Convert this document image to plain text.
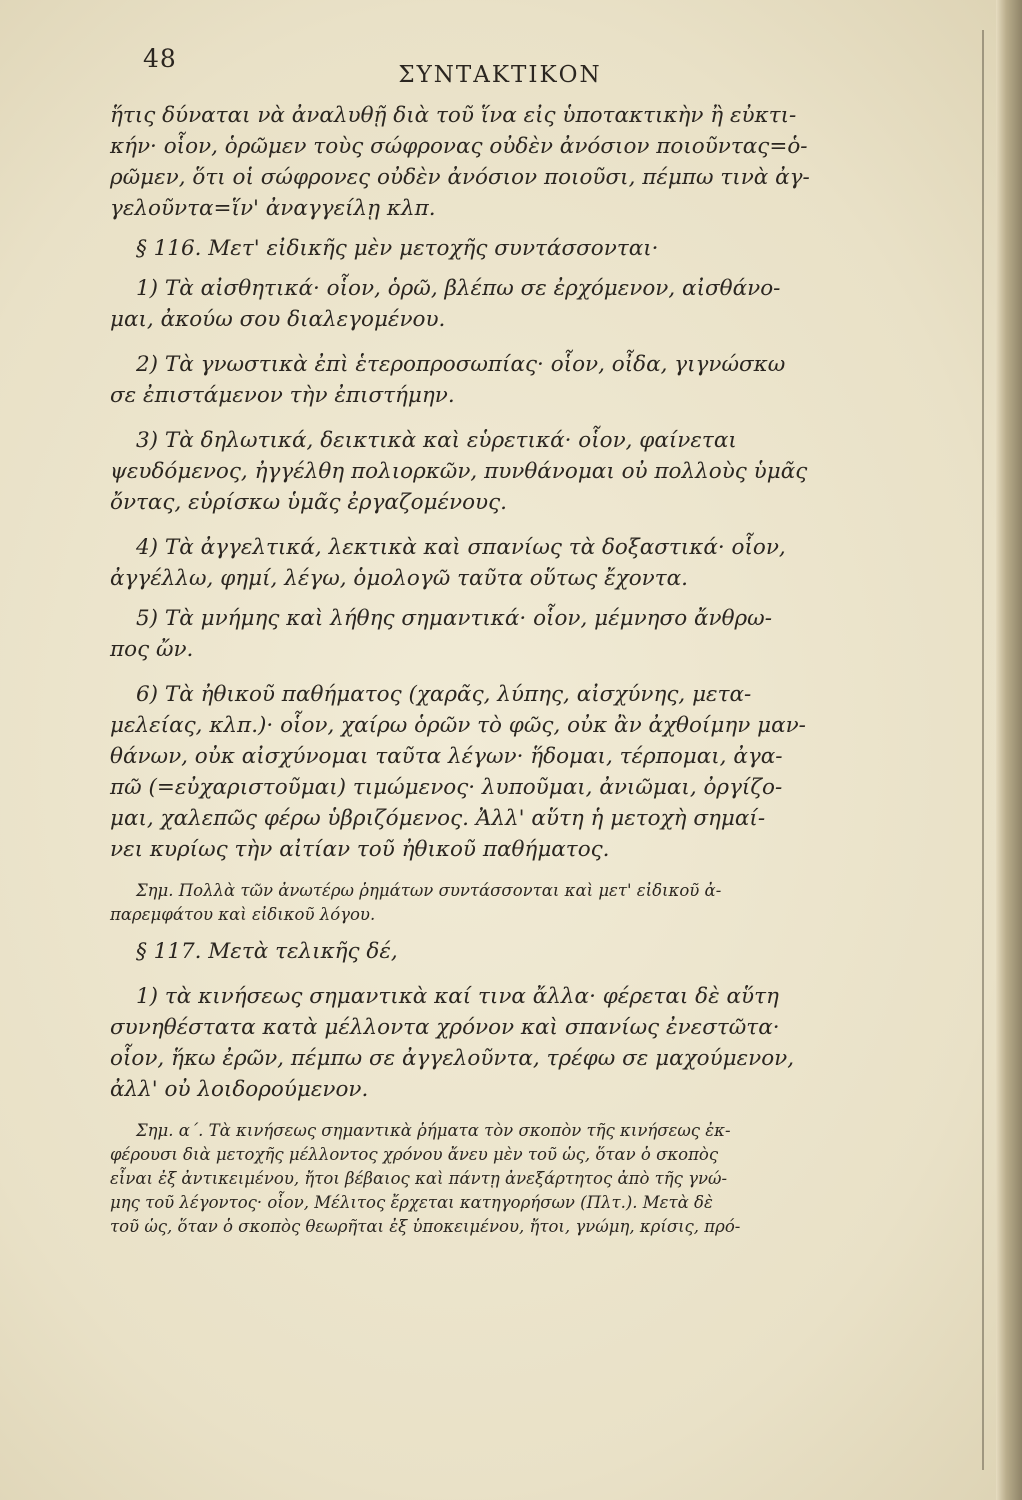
48
ΣΥΝΤΑΚΤΙΚΟΝ
ἥτις δύναται νὰ ἀναλυθῇ διὰ τοῦ ἵνα εἰς ὑποτακτικὴν ἢ εὐκτι-
κήν· οἷον, ὁρῶμεν τοὺς σώφρονας οὐδὲν ἀνόσιον ποιοῦντας=ὁ-
ρῶμεν, ὅτι οἱ σώφρονες οὐδὲν ἀνόσιον ποιοῦσι, πέμπω τινὰ ἀγ-
γελοῦντα=ἵν' ἀναγγείλῃ κλπ.
§ 116. Μετ' εἰδικῆς μὲν μετοχῆς συντάσσονται·
1) Τὰ αἰσθητικά· οἷον, ὁρῶ, βλέπω σε ἐρχόμενον, αἰσθάνο-
μαι, ἀκούω σου διαλεγομένου.
2) Τὰ γνωστικὰ ἐπὶ ἑτεροπροσωπίας· οἷον, οἶδα, γιγνώσκω
σε ἐπιστάμενον τὴν ἐπιστήμην.
3) Τὰ δηλωτικά, δεικτικὰ καὶ εὑρετικά· οἷον, φαίνεται
ψευδόμενος, ἠγγέλθη πολιορκῶν, πυνθάνομαι οὐ πολλοὺς ὑμᾶς
ὄντας, εὑρίσκω ὑμᾶς ἐργαζομένους.
4) Τὰ ἀγγελτικά, λεκτικὰ καὶ σπανίως τὰ δοξαστικά· οἷον,
ἀγγέλλω, φημί, λέγω, ὁμολογῶ ταῦτα οὕτως ἔχοντα.
5) Τὰ μνήμης καὶ λήθης σημαντικά· οἷον, μέμνησο ἄνθρω-
πος ὤν.
6) Τὰ ἠθικοῦ παθήματος (χαρᾶς, λύπης, αἰσχύνης, μετα-
μελείας, κλπ.)· οἷον, χαίρω ὁρῶν τὸ φῶς, οὐκ ἂν ἀχθοίμην μαν-
θάνων, οὐκ αἰσχύνομαι ταῦτα λέγων· ἥδομαι, τέρπομαι, ἀγα-
πῶ (=εὐχαριστοῦμαι) τιμώμενος· λυποῦμαι, ἀνιῶμαι, ὀργίζο-
μαι, χαλεπῶς φέρω ὑβριζόμενος. Ἀλλ' αὕτη ἡ μετοχὴ σημαί-
νει κυρίως τὴν αἰτίαν τοῦ ἠθικοῦ παθήματος.
Σημ. Πολλὰ τῶν ἀνωτέρω ῥημάτων συντάσσονται καὶ μετ' εἰδικοῦ ἀ-
παρεμφάτου καὶ εἰδικοῦ λόγου.
§ 117. Μετὰ τελικῆς δέ,
1) τὰ κινήσεως σημαντικὰ καί τινα ἄλλα· φέρεται δὲ αὕτη
συνηθέστατα κατὰ μέλλοντα χρόνον καὶ σπανίως ἐνεστῶτα·
οἷον, ἥκω ἐρῶν, πέμπω σε ἀγγελοῦντα, τρέφω σε μαχούμενον,
ἀλλ' οὐ λοιδορούμενον.
Σημ. α΄. Τὰ κινήσεως σημαντικὰ ῥήματα τὸν σκοπὸν τῆς κινήσεως ἐκ-
φέρουσι διὰ μετοχῆς μέλλοντος χρόνου ἄνευ μὲν τοῦ ὡς, ὅταν ὁ σκοπὸς
εἶναι ἐξ ἀντικειμένου, ἤτοι βέβαιος καὶ πάντῃ ἀνεξάρτητος ἀπὸ τῆς γνώ-
μης τοῦ λέγοντος· οἷον, Μέλιτος ἔρχεται κατηγορήσων (Πλτ.). Μετὰ δὲ
τοῦ ὡς, ὅταν ὁ σκοπὸς θεωρῆται ἐξ ὑποκειμένου, ἤτοι, γνώμη, κρίσις, πρό-
